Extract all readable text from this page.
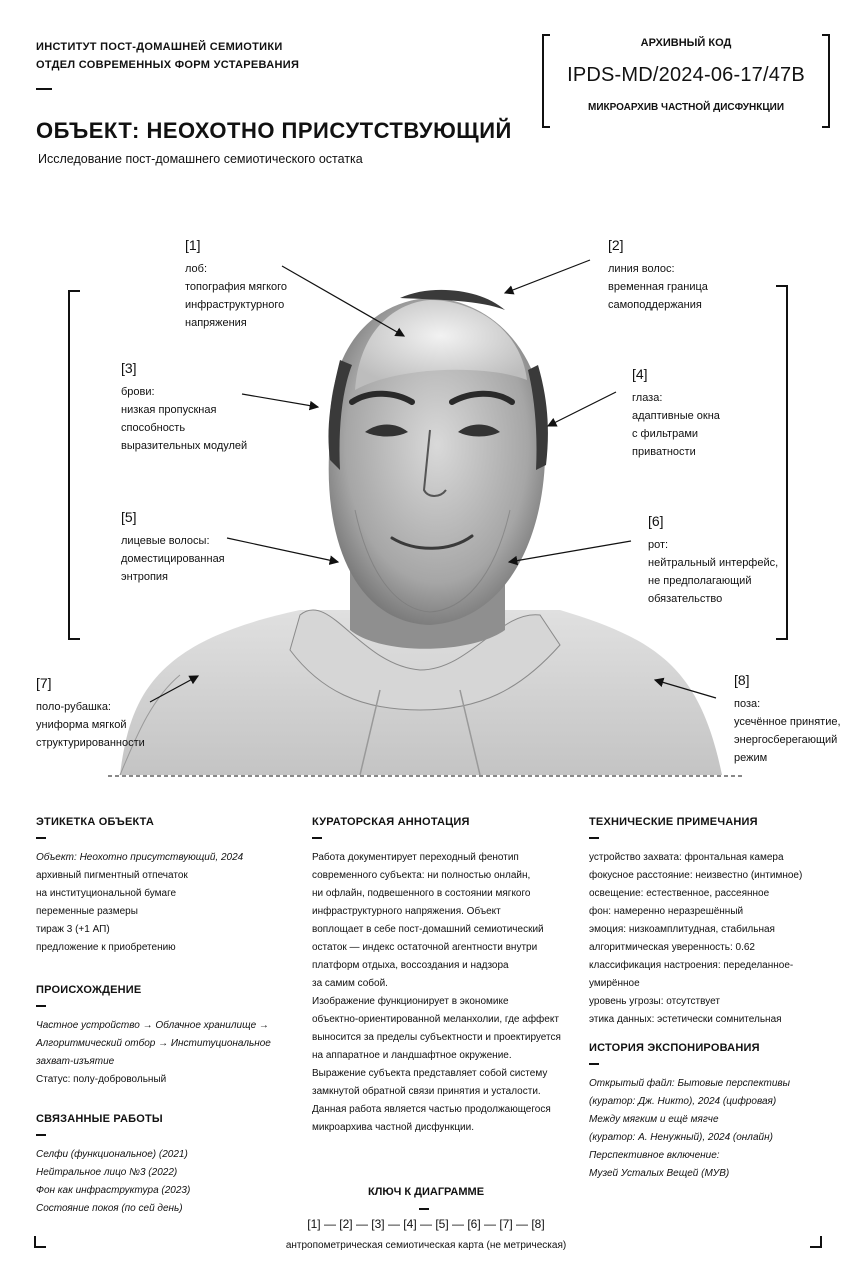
ИНСТИТУТ ПОСТ-ДОМАШНЕЙ СЕМИОТИКИ
ОТДЕЛ СОВРЕМЕННЫХ ФОРМ УСТАРЕВАНИЯ
АРХИВНЫЙ КОД
IPDS-MD/2024-06-17/47B
МИКРОАРХИВ ЧАСТНОЙ ДИСФУНКЦИИ
ОБЪЕКТ: НЕОХОТНО ПРИСУТСТВУЮЩИЙ
Исследование пост-домашнего семиотического остатка
[1]
лоб:
топография мягкого
инфраструктурного
напряжения
[2]
линия волос:
временная граница
самоподдержания
[3]
брови:
низкая пропускная
способность
выразительных модулей
[4]
глаза:
адаптивные окна
с фильтрами
приватности
[5]
лицевые волосы:
доместицированная
энтропия
[6]
рот:
нейтральный интерфейс,
не предполагающий
обязательство
[7]
поло-рубашка:
униформа мягкой
структурированности
[8]
поза:
усечённое принятие,
энергосберегающий
режим
ЭТИКЕТКА ОБЪЕКТА

Объект: Неохотно присутствующий, 2024

архивный пигментный отпечаток

на институциональной бумаге

переменные размеры

тираж 3 (+1 АП)

предложение к приобретению

ПРОИСХОЖДЕНИЕ

Частное устройство → Облачное хранилище →

Алгоритмический отбор → Институциональное

захват-изъятие

Статус: полу-добровольный

СВЯЗАННЫЕ РАБОТЫ

Селфи (функциональное) (2021)

Нейтральное лицо №3 (2022)

Фон как инфраструктура (2023)

Состояние покоя (по сей день)

КУРАТОРСКАЯ АННОТАЦИЯ

Работа документирует переходный фенотип

современного субъекта: ни полностью онлайн,

ни офлайн, подвешенного в состоянии мягкого

инфраструктурного напряжения. Объект

воплощает в себе пост-домашний семиотический

остаток — индекс остаточной агентности внутри

платформ отдыха, воссоздания и надзора

за самим собой.

Изображение функционирует в экономике

объектно-ориентированной меланхолии, где аффект

выносится за пределы субъектности и проектируется

на аппаратное и ландшафтное окружение.

Выражение субъекта представляет собой систему

замкнутой обратной связи принятия и усталости.

Данная работа является частью продолжающегося

микроархива частной дисфункции.

ТЕХНИЧЕСКИЕ ПРИМЕЧАНИЯ

устройство захвата: фронтальная камера

фокусное расстояние: неизвестно (интимное)

освещение: естественное, рассеянное

фон: намеренно неразрешённый

эмоция: низкоамплитудная, стабильная

алгоритмическая уверенность: 0.62

классификация настроения: переделанное-умирённое

уровень угрозы: отсутствует

этика данных: эстетически сомнительная

ИСТОРИЯ ЭКСПОНИРОВАНИЯ

Открытый файл: Бытовые перспективы

(куратор: Дж. Никто), 2024 (цифровая)

Между мягким и ещё мягче

(куратор: А. Ненужный), 2024 (онлайн)

Перспективное включение:

Музей Усталых Вещей (МУВ)

КЛЮЧ К ДИАГРАММЕ
[1] — [2] — [3] — [4] — [5] — [6] — [7] — [8]
антропометрическая семиотическая карта (не метрическая)
